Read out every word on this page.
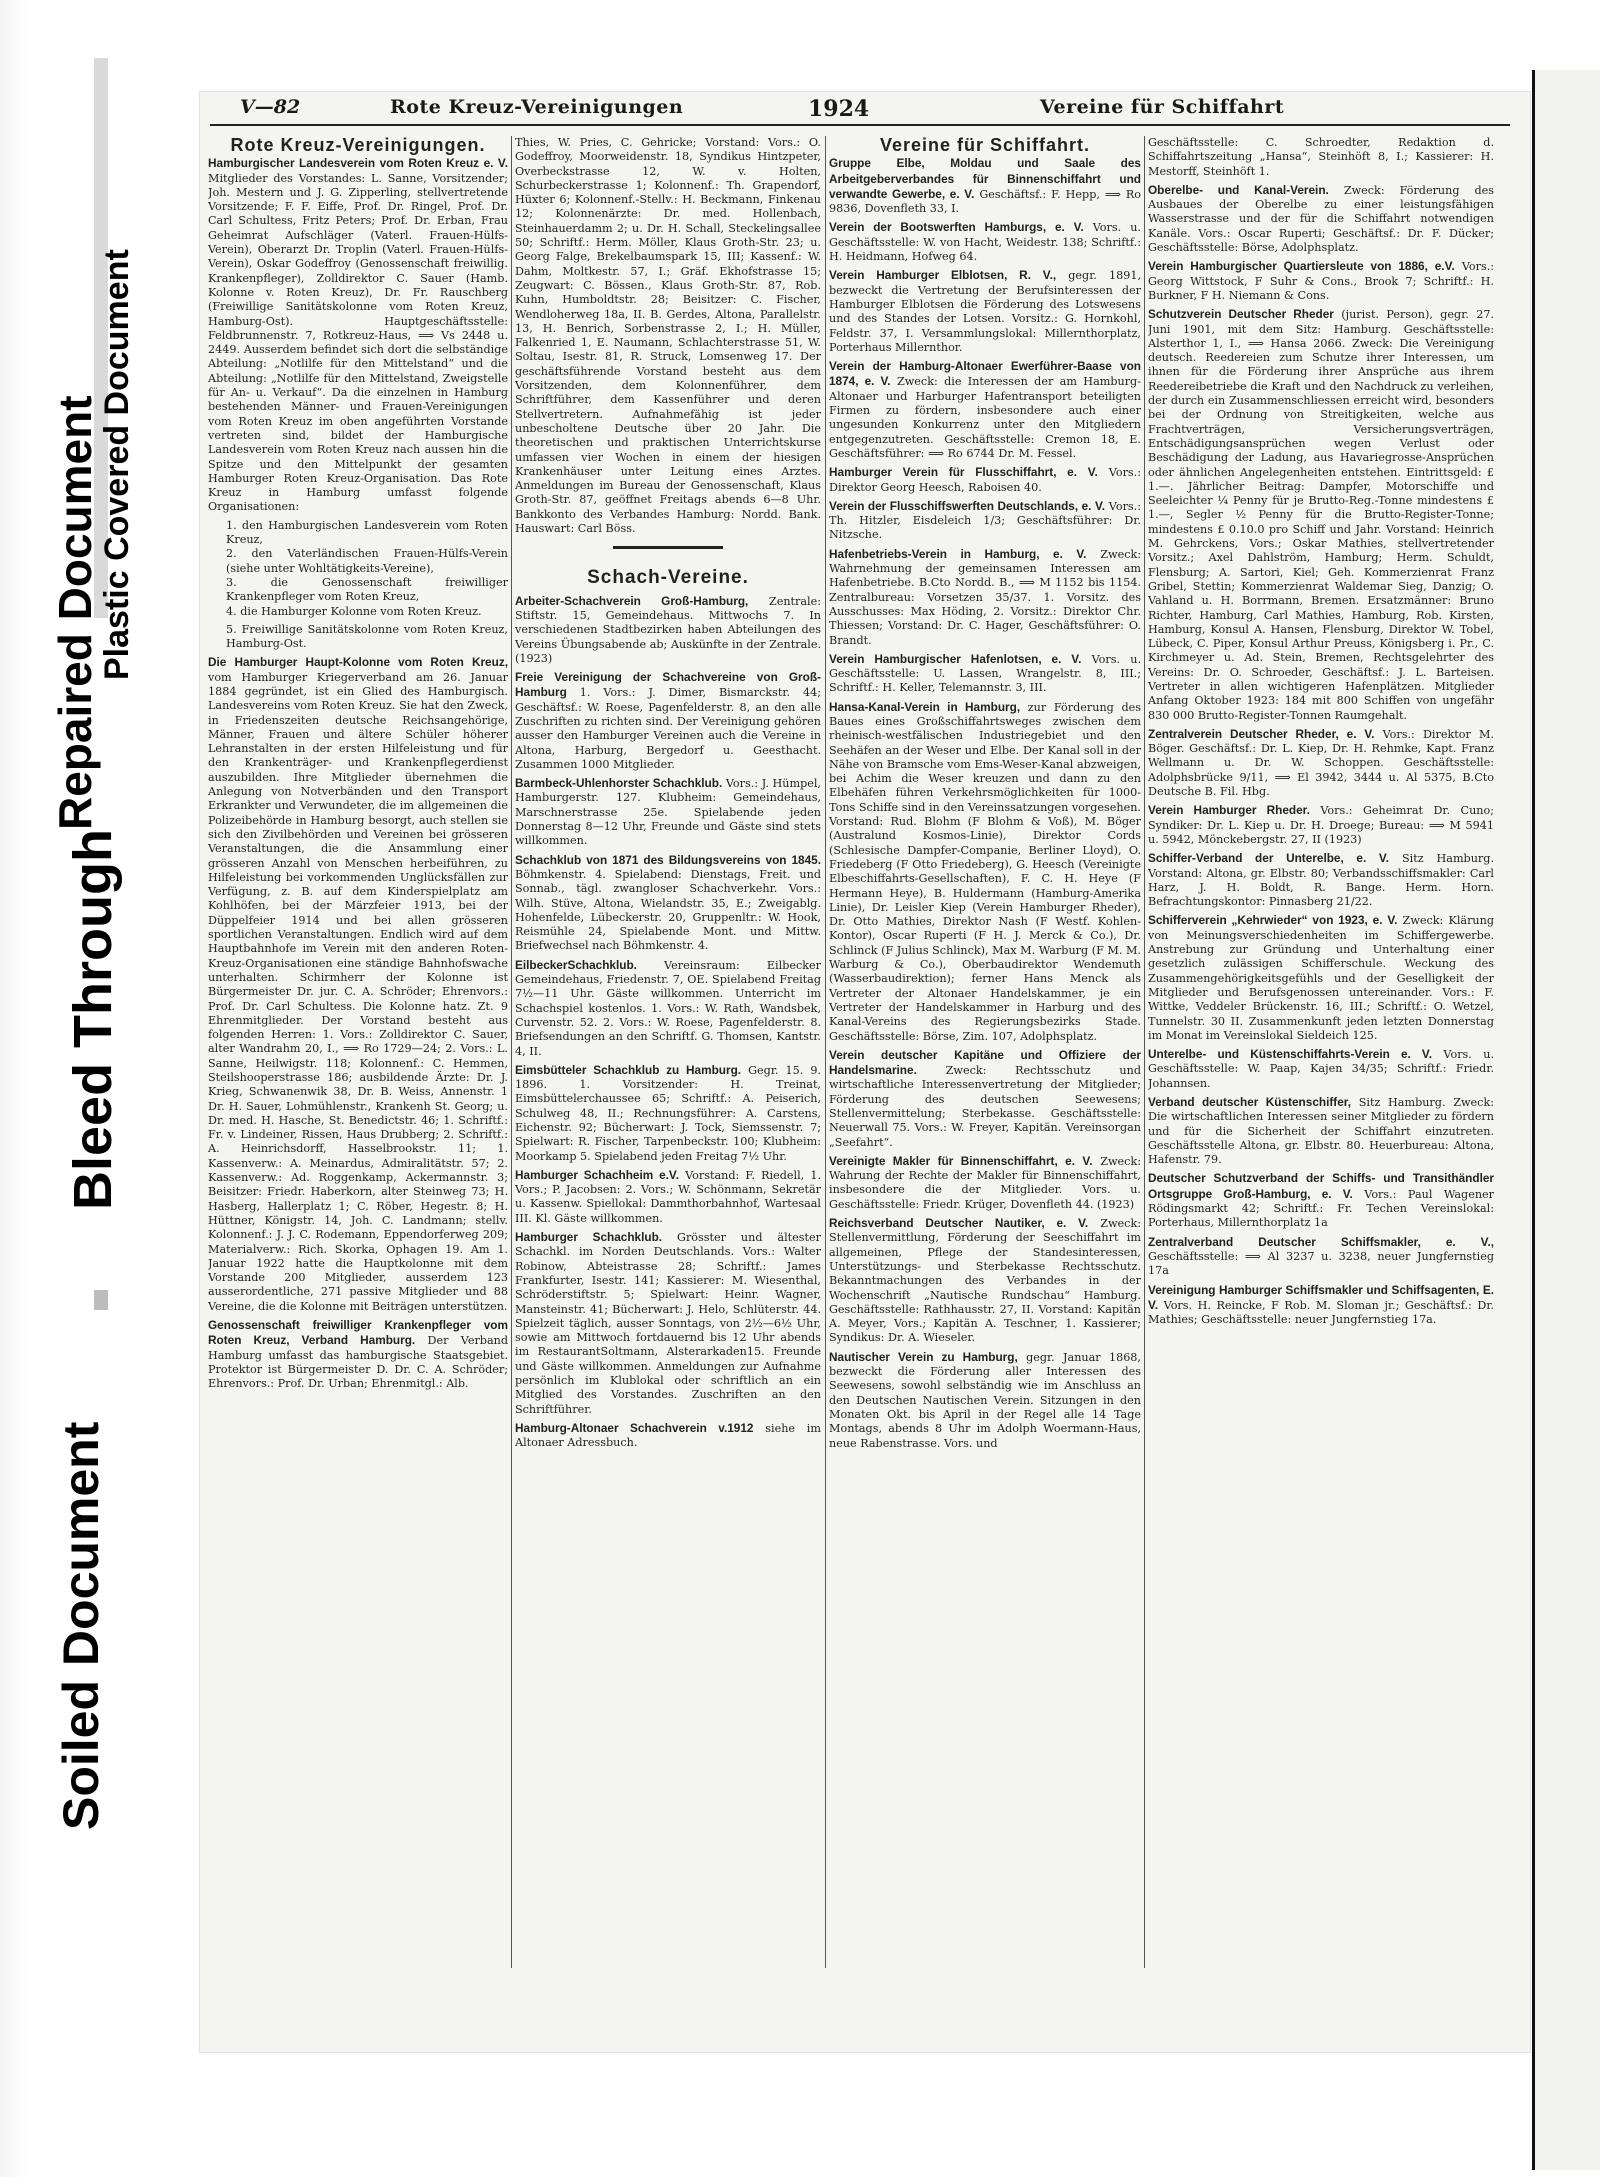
Repaired Document
Plastic Covered Document
Bleed Through
Soiled Document
V—82	Rote Kreuz-Vereinigungen	1924	Vereine für Schiffahrt
Rote Kreuz-Vereinigungen.

Hamburgischer Landesverein vom Roten Kreuz e. V. Mitglieder des Vorstandes: L. Sanne, Vorsitzender; Joh. Mestern und J. G. Zipperling, stellvertretende Vorsitzende; F. F. Eiffe, Prof. Dr. Ringel, Prof. Dr. Carl Schultess, Fritz Peters; Prof. Dr. Erban, Frau Geheimrat Aufschläger (Vaterl. Frauen-Hülfs-Verein), Oberarzt Dr. Troplin (Vaterl. Frauen-Hülfs-Verein), Oskar Godeffroy (Genossenschaft freiwillig. Krankenpfleger), Zolldirektor C. Sauer (Hamb. Kolonne v. Roten Kreuz), Dr. Fr. Rauschberg (Freiwillige Sanitätskolonne vom Roten Kreuz, Hamburg-Ost). Hauptgeschäftsstelle: Feldbrunnenstr. 7, Rotkreuz-Haus, ⟹ Vs 2448 u. 2449. Ausserdem befindet sich dort die selbständige Abteilung: „Notlilfe für den Mittelstand“ und die Abteilung: „Notlilfe für den Mittelstand, Zweigstelle für An- u. Verkauf“. Da die einzelnen in Hamburg bestehenden Männer- und Frauen-Vereinigungen vom Roten Kreuz im oben angeführten Vorstande vertreten sind, bildet der Hamburgische Landesverein vom Roten Kreuz nach aussen hin die Spitze und den Mittelpunkt der gesamten Hamburger Roten Kreuz-Organisation. Das Rote Kreuz in Hamburg umfasst folgende Organisationen:

1. den Hamburgischen Landesverein vom Roten Kreuz,
2. den Vaterländischen Frauen-Hülfs-Verein (siehe unter Wohltätigkeits-Vereine),
3. die Genossenschaft freiwilliger Krankenpfleger vom Roten Kreuz,
4. die Hamburger Kolonne vom Roten Kreuz.

5. Freiwillige Sanitätskolonne vom Roten Kreuz, Hamburg-Ost.

Die Hamburger Haupt-Kolonne vom Roten Kreuz, vom Hamburger Kriegerverband am 26. Januar 1884 gegründet, ist ein Glied des Hamburgisch. Landesvereins vom Roten Kreuz. Sie hat den Zweck, in Friedenszeiten deutsche Reichsangehörige, Männer, Frauen und ältere Schüler höherer Lehranstalten in der ersten Hilfeleistung und für den Krankenträger- und Krankenpflegerdienst auszubilden. Ihre Mitglieder übernehmen die Anlegung von Notverbänden und den Transport Erkrankter und Verwundeter, die im allgemeinen die Polizeibehörde in Hamburg besorgt, auch stellen sie sich den Zivilbehörden und Vereinen bei grösseren Veranstaltungen, die die Ansammlung einer grösseren Anzahl von Menschen herbeiführen, zu Hilfeleistung bei vorkommenden Unglücksfällen zur Verfügung, z. B. auf dem Kinderspielplatz am Kohlhöfen, bei der Märzfeier 1913, bei der Düppelfeier 1914 und bei allen grösseren sportlichen Veranstaltungen. Endlich wird auf dem Hauptbahnhofe im Verein mit den anderen Roten-Kreuz-Organisationen eine ständige Bahnhofswache unterhalten. Schirmherr der Kolonne ist Bürgermeister Dr. jur. C. A. Schröder; Ehrenvors.: Prof. Dr. Carl Schultess. Die Kolonne hatz. Zt. 9 Ehrenmitglieder. Der Vorstand besteht aus folgenden Herren: 1. Vors.: Zolldirektor C. Sauer, alter Wandrahm 20, I., ⟹ Ro 1729—24; 2. Vors.: L. Sanne, Heilwigstr. 118; Kolonnenf.: C. Hemmen, Steilshooperstrasse 186; ausbildende Ärzte: Dr. J. Krieg, Schwanenwik 38, Dr. B. Weiss, Annenstr. 1 Dr. H. Sauer, Lohmühlenstr., Krankenh St. Georg; u. Dr. med. H. Hasche, St. Benedictstr. 46; 1. Schriftf.: Fr. v. Lindeiner, Rissen, Haus Drubberg; 2. Schriftf.: A. Heinrichsdorff, Hasselbrookstr. 11; 1. Kassenverw.: A. Meinardus, Admiralitätstr. 57; 2. Kassenverw.: Ad. Roggenkamp, Ackermannstr. 3; Beisitzer: Friedr. Haberkorn, alter Steinweg 73; H. Hasberg, Hallerplatz 1; C. Röber, Hegestr. 8; H. Hüttner, Königstr. 14, Joh. C. Landmann; stellv. Kolonnenf.: J. J. C. Rodemann, Eppendorferweg 209; Materialverw.: Rich. Skorka, Ophagen 19. Am 1. Januar 1922 hatte die Hauptkolonne mit dem Vorstande 200 Mitglieder, ausserdem 123 ausserordentliche, 271 passive Mitglieder und 88 Vereine, die die Kolonne mit Beiträgen unterstützen.

Genossenschaft freiwilliger Krankenpfleger vom Roten Kreuz, Verband Hamburg. Der Verband Hamburg umfasst das hamburgische Staatsgebiet. Protektor ist Bürgermeister D. Dr. C. A. Schröder; Ehrenvors.: Prof. Dr. Urban; Ehrenmitgl.: Alb.

Thies, W. Pries, C. Gehricke; Vorstand: Vors.: O. Godeffroy, Moorweidenstr. 18, Syndikus Hintzpeter, Overbeckstrasse 12, W. v. Holten, Schurbeckerstrasse 1; Kolonnenf.: Th. Grapendorf, Hüxter 6; Kolonnenf.-Stellv.: H. Beckmann, Finkenau 12; Kolonnenärzte: Dr. med. Hollenbach, Steinhauerdamm 2; u. Dr. H. Schall, Steckelingsallee 50; Schriftf.: Herm. Möller, Klaus Groth-Str. 23; u. Georg Falge, Brekelbaumspark 15, III; Kassenf.: W. Dahm, Moltkestr. 57, I.; Gräf. Ekhofstrasse 15; Zeugwart: C. Bössen., Klaus Groth-Str. 87, Rob. Kuhn, Humboldtstr. 28; Beisitzer: C. Fischer, Wendloherweg 18a, II. B. Gerdes, Altona, Parallelstr. 13, H. Benrich, Sorbenstrasse 2, I.; H. Müller, Falkenried 1, E. Naumann, Schlachterstrasse 51, W. Soltau, Isestr. 81, R. Struck, Lomsenweg 17. Der geschäftsführende Vorstand besteht aus dem Vorsitzenden, dem Kolonnenführer, dem Schriftführer, dem Kassenführer und deren Stellvertretern. Aufnahmefähig ist jeder unbescholtene Deutsche über 20 Jahr. Die theoretischen und praktischen Unterrichtskurse umfassen vier Wochen in einem der hiesigen Krankenhäuser unter Leitung eines Arztes. Anmeldungen im Bureau der Genossenschaft, Klaus Groth-Str. 87, geöffnet Freitags abends 6—8 Uhr. Bankkonto des Verbandes Hamburg: Nordd. Bank. Hauswart: Carl Böss.

Schach-Vereine.

Arbeiter-Schachverein Groß-Hamburg, Zentrale: Stiftstr. 15, Gemeindehaus. Mittwochs 7. In verschiedenen Stadtbezirken haben Abteilungen des Vereins Übungsabende ab; Auskünfte in der Zentrale. (1923)

Freie Vereinigung der Schachvereine von Groß-Hamburg 1. Vors.: J. Dimer, Bismarckstr. 44; Geschäftsf.: W. Roese, Pagenfelderstr. 8, an den alle Zuschriften zu richten sind. Der Vereinigung gehören ausser den Hamburger Vereinen auch die Vereine in Altona, Harburg, Bergedorf u. Geesthacht. Zusammen 1000 Mitglieder.

Barmbeck-Uhlenhorster Schachklub. Vors.: J. Hümpel, Hamburgerstr. 127. Klubheim: Gemeindehaus, Marschnerstrasse 25e. Spielabende jeden Donnerstag 8—12 Uhr, Freunde und Gäste sind stets willkommen.

Schachklub von 1871 des Bildungsvereins von 1845. Böhmkenstr. 4. Spielabend: Dienstags, Freit. und Sonnab., tägl. zwangloser Schachverkehr. Vors.: Wilh. Stüve, Altona, Wielandstr. 35, E.; Zweigablg. Hohenfelde, Lübeckerstr. 20, Gruppenltr.: W. Hook, Reismühle 24, Spielabende Mont. und Mittw. Briefwechsel nach Böhmkenstr. 4.

EilbeckerSchachklub. Vereinsraum: Eilbecker Gemeindehaus, Friedenstr. 7, OE. Spielabend Freitag 7½—11 Uhr. Gäste willkommen. Unterricht im Schachspiel kostenlos. 1. Vors.: W. Rath, Wandsbek, Curvenstr. 52. 2. Vors.: W. Roese, Pagenfelderstr. 8. Briefsendungen an den Schriftf. G. Thomsen, Kantstr. 4, II.

Eimsbütteler Schachklub zu Hamburg. Gegr. 15. 9. 1896. 1. Vorsitzender: H. Treinat, Eimsbüttelerchaussee 65; Schriftf.: A. Peiserich, Schulweg 48, II.; Rechnungsführer: A. Carstens, Eichenstr. 92; Bücherwart: J. Tock, Siemssenstr. 7; Spielwart: R. Fischer, Tarpenbeckstr. 100; Klubheim: Moorkamp 5. Spielabend jeden Freitag 7½ Uhr.

Hamburger Schachheim e.V. Vorstand: F. Riedell, 1. Vors.; P. Jacobsen: 2. Vors.; W. Schönmann, Sekretär u. Kassenw. Spiellokal: Dammthorbahnhof, Wartesaal III. Kl. Gäste willkommen.

Hamburger Schachklub. Grösster und ältester Schachkl. im Norden Deutschlands. Vors.: Walter Robinow, Abteistrasse 28; Schriftf.: James Frankfurter, Isestr. 141; Kassierer: M. Wiesenthal, Schröderstiftstr. 5; Spielwart: Heinr. Wagner, Mansteinstr. 41; Bücherwart: J. Helo, Schlüterstr. 44. Spielzeit täglich, ausser Sonntags, von 2½—6½ Uhr, sowie am Mittwoch fortdauernd bis 12 Uhr abends im RestaurantSoltmann, Alsterarkaden15. Freunde und Gäste willkommen. Anmeldungen zur Aufnahme persönlich im Klublokal oder schriftlich an ein Mitglied des Vorstandes. Zuschriften an den Schriftführer.

Hamburg-Altonaer Schachverein v.1912 siehe im Altonaer Adressbuch.

Vereine für Schiffahrt.

Gruppe Elbe, Moldau und Saale des Arbeitgeberverbandes für Binnenschiffahrt und verwandte Gewerbe, e. V. Geschäftsf.: F. Hepp, ⟹ Ro 9836, Dovenfleth 33, I.

Verein der Bootswerften Hamburgs, e. V. Vors. u. Geschäftsstelle: W. von Hacht, Weidestr. 138; Schriftf.: H. Heidmann, Hofweg 64.

Verein Hamburger Elblotsen, R. V., gegr. 1891, bezweckt die Vertretung der Berufsinteressen der Hamburger Elblotsen die Förderung des Lotswesens und des Standes der Lotsen. Vorsitz.: G. Hornkohl, Feldstr. 37, I. Versammlungslokal: Millernthorplatz, Porterhaus Millernthor.

Verein der Hamburg-Altonaer Ewerführer-Baase von 1874, e. V. Zweck: die Interessen der am Hamburg-Altonaer und Harburger Hafentransport beteiligten Firmen zu fördern, insbesondere auch einer ungesunden Konkurrenz unter den Mitgliedern entgegenzutreten. Geschäftsstelle: Cremon 18, E. Geschäftsführer: ⟹ Ro 6744 Dr. M. Fessel.

Hamburger Verein für Flusschiffahrt, e. V. Vors.: Direktor Georg Heesch, Raboisen 40.

Verein der Flusschiffswerften Deutschlands, e. V. Vors.: Th. Hitzler, Eisdeleich 1/3; Geschäftsführer: Dr. Nitzsche.

Hafenbetriebs-Verein in Hamburg, e. V. Zweck: Wahrnehmung der gemeinsamen Interessen am Hafenbetriebe. B.Cto Nordd. B., ⟹ M 1152 bis 1154. Zentralbureau: Vorsetzen 35/37. 1. Vorsitz. des Ausschusses: Max Höding, 2. Vorsitz.: Direktor Chr. Thiessen; Vorstand: Dr. C. Hager, Geschäftsführer: O. Brandt.

Verein Hamburgischer Hafenlotsen, e. V. Vors. u. Geschäftsstelle: U. Lassen, Wrangelstr. 8, III.; Schriftf.: H. Keller, Telemannstr. 3, III.

Hansa-Kanal-Verein in Hamburg, zur Förderung des Baues eines Großschiffahrtsweges zwischen dem rheinisch-westfälischen Industriegebiet und den Seehäfen an der Weser und Elbe. Der Kanal soll in der Nähe von Bramsche vom Ems-Weser-Kanal abzweigen, bei Achim die Weser kreuzen und dann zu den Elbehäfen führen Verkehrsmöglichkeiten für 1000-Tons Schiffe sind in den Vereinssatzungen vorgesehen. Vorstand: Rud. Blohm (F Blohm & Voß), M. Böger (Australund Kosmos-Linie), Direktor Cords (Schlesische Dampfer-Companie, Berliner Lloyd), O. Friedeberg (F Otto Friedeberg), G. Heesch (Vereinigte Elbeschiffahrts-Gesellschaften), F. C. H. Heye (F Hermann Heye), B. Huldermann (Hamburg-Amerika Linie), Dr. Leisler Kiep (Verein Hamburger Rheder), Dr. Otto Mathies, Direktor Nash (F Westf. Kohlen-Kontor), Oscar Ruperti (F H. J. Merck & Co.), Dr. Schlinck (F Julius Schlinck), Max M. Warburg (F M. M. Warburg & Co.), Oberbaudirektor Wendemuth (Wasserbaudirektion); ferner Hans Menck als Vertreter der Altonaer Handelskammer, je ein Vertreter der Handelskammer in Harburg und des Kanal-Vereins des Regierungsbezirks Stade. Geschäftsstelle: Börse, Zim. 107, Adolphsplatz.

Verein deutscher Kapitäne und Offiziere der Handelsmarine.	Zweck: Rechtsschutz und wirtschaftliche Interessenvertretung der Mitglieder; Förderung des deutschen Seewesens; Stellenvermittelung; Sterbekasse. Geschäftsstelle: Neuerwall 75. Vors.: W. Freyer, Kapitän. Vereinsorgan „Seefahrt“.

Vereinigte Makler für Binnenschiffahrt, e. V. Zweck: Wahrung der Rechte der Makler für Binnenschiffahrt, insbesondere die der Mitglieder. Vors. u. Geschäftsstelle: Friedr. Krüger, Dovenfleth 44. (1923)

Reichsverband Deutscher Nautiker, e. V. Zweck: Stellenvermittlung, Förderung der Seeschiffahrt im allgemeinen, Pflege der Standesinteressen, Unterstützungs- und Sterbekasse Rechtsschutz. Bekanntmachungen des Verbandes in der Wochenschrift „Nautische Rundschau“ Hamburg. Geschäftsstelle: Rathhausstr. 27, II. Vorstand: Kapitän A. Meyer, Vors.; Kapitän A. Teschner, 1. Kassierer; Syndikus: Dr. A. Wieseler.

Nautischer Verein zu Hamburg, gegr. Januar 1868, bezweckt die Förderung aller Interessen des Seewesens, sowohl selbständig wie im Anschluss an den Deutschen Nautischen Verein. Sitzungen in den Monaten Okt. bis April in der Regel alle 14 Tage Montags, abends 8 Uhr im Adolph Woermann-Haus, neue Rabenstrasse. Vors. und

Geschäftsstelle: C. Schroedter, Redaktion d. Schiffahrtszeitung „Hansa“, Steinhöft 8, I.; Kassierer: H. Mestorff, Steinhöft 1.

Oberelbe- und Kanal-Verein. Zweck: Förderung des Ausbaues der Oberelbe zu einer leistungsfähigen Wasserstrasse und der für die Schiffahrt notwendigen Kanäle. Vors.: Oscar Ruperti; Geschäftsf.: Dr. F. Dücker; Geschäftsstelle: Börse, Adolphsplatz.

Verein Hamburgischer Quartiersleute von 1886, e.V. Vors.: Georg Wittstock, F Suhr & Cons., Brook 7; Schriftf.: H. Burkner, F H. Niemann & Cons.

Schutzverein Deutscher Rheder (jurist. Person), gegr. 27. Juni 1901, mit dem Sitz: Hamburg. Geschäftsstelle: Alsterthor 1, I., ⟹ Hansa 2066. Zweck: Die Vereinigung deutsch. Reedereien zum Schutze ihrer Interessen, um ihnen für die Förderung ihrer Ansprüche aus ihrem Reedereibetriebe die Kraft und den Nachdruck zu verleihen, der durch ein Zusammenschliessen erreicht wird, besonders bei der Ordnung von Streitigkeiten, welche aus Frachtverträgen, Versicherungsverträgen, Entschädigungsansprüchen wegen Verlust oder Beschädigung der Ladung, aus Havariegrosse-Ansprüchen oder ähnlichen Angelegenheiten entstehen. Eintrittsgeld: £ 1.—. Jährlicher Beitrag: Dampfer, Motorschiffe und Seeleichter ¼ Penny für je Brutto-Reg.-Tonne mindestens £ 1.—, Segler ½ Penny für die Brutto-Register-Tonne; mindestens £ 0.10.0 pro Schiff und Jahr. Vorstand: Heinrich M. Gehrckens, Vors.; Oskar Mathies, stellvertretender Vorsitz.; Axel Dahlström, Hamburg; Herm. Schuldt, Flensburg; A. Sartori, Kiel; Geh. Kommerzienrat Franz Gribel, Stettin; Kommerzienrat Waldemar Sieg, Danzig; O. Vahland u. H. Borrmann, Bremen. Ersatzmänner: Bruno Richter, Hamburg, Carl Mathies, Hamburg, Rob. Kirsten, Hamburg, Konsul A. Hansen, Flensburg, Direktor W. Tobel, Lübeck, C. Piper, Konsul Arthur Preuss, Königsberg i. Pr., C. Kirchmeyer u. Ad. Stein, Bremen, Rechtsgelehrter des Vereins: Dr. O. Schroeder, Geschäftsf.: J. L. Barteisen. Vertreter in allen wichtigeren Hafenplätzen. Mitglieder Anfang Oktober 1923: 184 mit 800 Schiffen von ungefähr 830 000 Brutto-Register-Tonnen Raumgehalt.

Zentralverein Deutscher Rheder, e. V. Vors.: Direktor M. Böger. Geschäftsf.: Dr. L. Kiep, Dr. H. Rehmke, Kapt. Franz Wellmann u. Dr. W. Schoppen. Geschäftsstelle: Adolphsbrücke 9/11, ⟹ El 3942, 3444 u. Al 5375, B.Cto Deutsche B. Fil. Hbg.

Verein Hamburger Rheder. Vors.: Geheimrat Dr. Cuno; Syndiker: Dr. L. Kiep u. Dr. H. Droege; Bureau: ⟹ M 5941 u. 5942, Mönckebergstr. 27, II (1923)

Schiffer-Verband der Unterelbe, e. V. Sitz Hamburg. Vorstand: Altona, gr. Elbstr. 80; Verbandsschiffsmakler: Carl Harz, J. H. Boldt, R. Bange. Herm. Horn. Befrachtungskontor: Pinnasberg 21/22.

Schifferverein „Kehrwieder“ von 1923, e. V. Zweck: Klärung von Meinungsverschiedenheiten im Schiffergewerbe. Anstrebung zur Gründung und Unterhaltung einer gesetzlich zulässigen Schifferschule. Weckung des Zusammengehörigkeitsgefühls und der Geselligkeit der Mitglieder und Berufsgenossen untereinander. Vors.: F. Wittke, Veddeler Brückenstr. 16, III.; Schriftf.: O. Wetzel, Tunnelstr. 30 II. Zusammenkunft jeden letzten Donnerstag im Monat im Vereinslokal Sieldeich 125.

Unterelbe- und Küstenschiffahrts-Verein e. V. Vors. u. Geschäftsstelle: W. Paap, Kajen 34/35; Schriftf.: Friedr. Johannsen.

Verband deutscher Küstenschiffer, Sitz Hamburg. Zweck: Die wirtschaftlichen Interessen seiner Mitglieder zu fördern und für die Sicherheit der Schiffahrt einzutreten. Geschäftsstelle Altona, gr. Elbstr. 80. Heuerbureau: Altona, Hafenstr. 79.

Deutscher Schutzverband der Schiffs- und Transithändler Ortsgruppe Groß-Hamburg, e. V. Vors.: Paul Wagener Rödingsmarkt 42; Schriftf.: Fr. Techen Vereinslokal: Porterhaus, Millernthorplatz 1a

Zentralverband Deutscher Schiffsmakler, e. V., Geschäftsstelle: ⟹ Al 3237 u. 3238, neuer Jungfernstieg 17a

Vereinigung Hamburger Schiffsmakler und Schiffsagenten, E. V. Vors. H. Reincke, F Rob. M. Sloman jr.; Geschäftsf.: Dr. Mathies; Geschäftsstelle: neuer Jungfernstieg 17a.
